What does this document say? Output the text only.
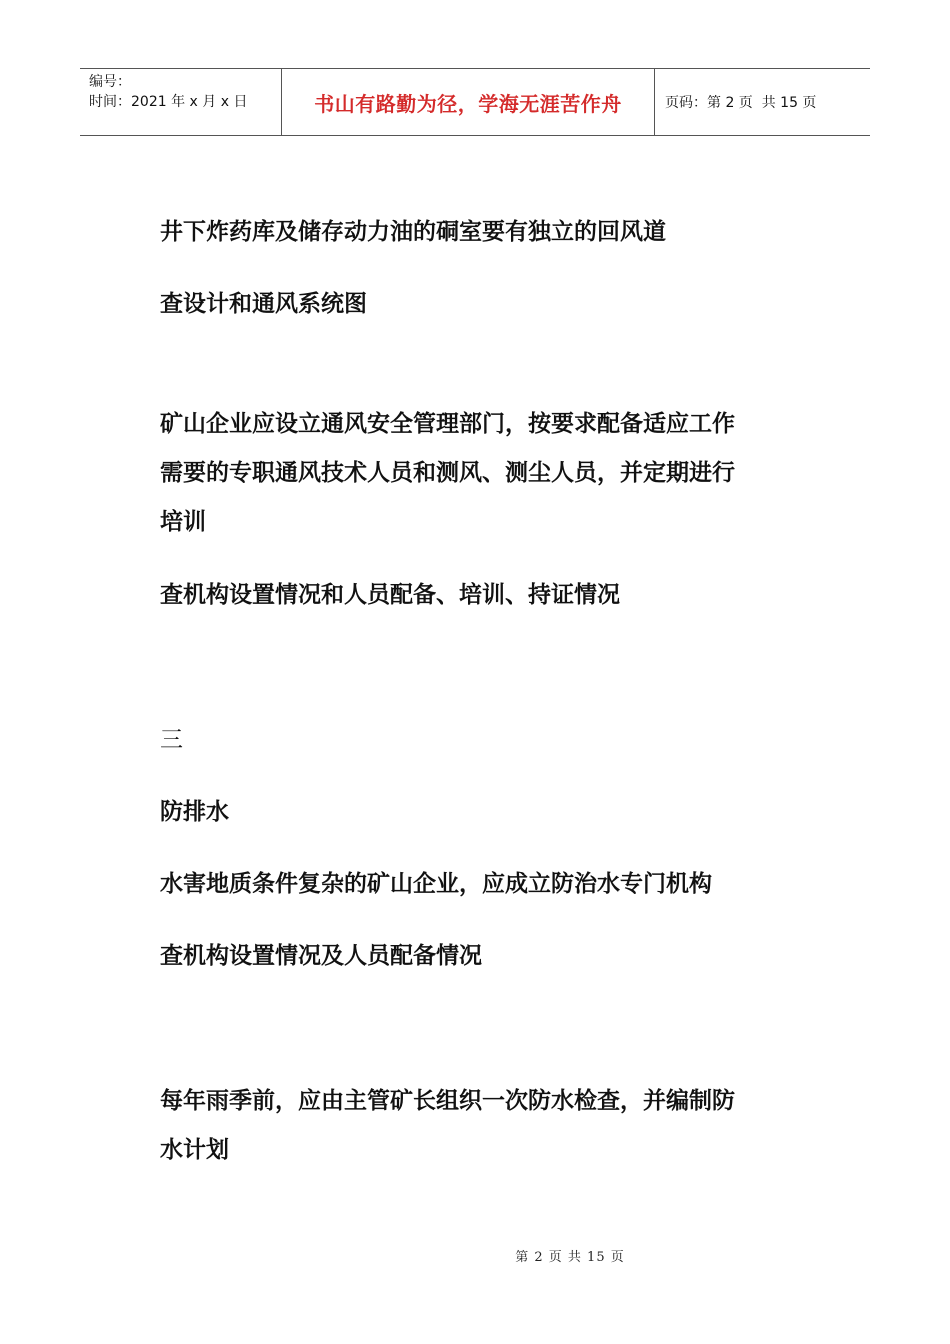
编号：
时间：2021 年 x 月 x 日	书山有路勤为径，学海无涯苦作舟	页码：第 2 页  共 15 页
井下炸药库及储存动力油的硐室要有独立的回风道
查设计和通风系统图
矿山企业应设立通风安全管理部门，按要求配备适应工作
需要的专职通风技术人员和测风、测尘人员，并定期进行
培训
查机构设置情况和人员配备、培训、持证情况
三
防排水
水害地质条件复杂的矿山企业，应成立防治水专门机构
查机构设置情况及人员配备情况
每年雨季前，应由主管矿长组织一次防水检查，并编制防
水计划
第 2 页 共 15 页
